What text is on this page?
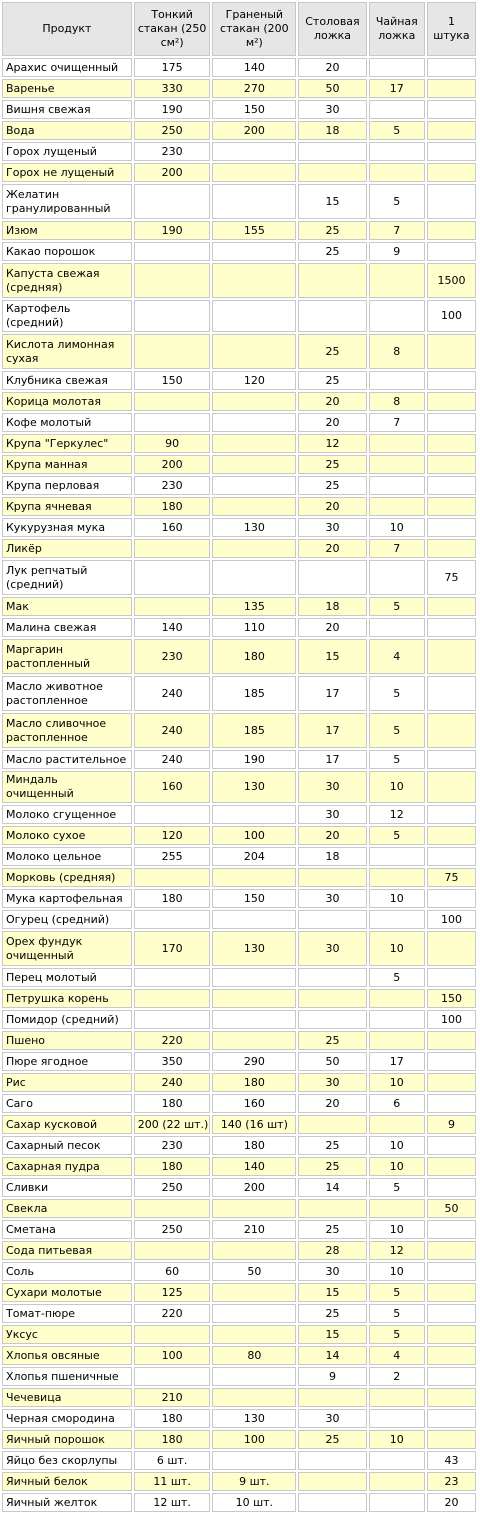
Продукт	Тонкий стакан (250 см²)	Граненый стакан (200 м²)	Столовая ложка	Чайная ложка	1 штука
Арахис очищенный	175	140	20		
Варенье	330	270	50	17	
Вишня свежая	190	150	30		
Вода	250	200	18	5	
Горох лущеный	230				
Горох не лущеный	200				
Желатин гранулированный			15	5	
Изюм	190	155	25	7	
Какао порошок			25	9	
Капуста свежая (средняя)					1500
Картофель (средний)					100
Кислота лимонная сухая			25	8	
Клубника свежая	150	120	25		
Корица молотая			20	8	
Кофе молотый			20	7	
Крупа "Геркулес"	90		12		
Крупа манная	200		25		
Крупа перловая	230		25		
Крупа ячневая	180		20		
Кукурузная мука	160	130	30	10	
Ликёр			20	7	
Лук репчатый (средний)					75
Мак		135	18	5	
Малина свежая	140	110	20		
Маргарин растопленный	230	180	15	4	
Масло животное растопленное	240	185	17	5	
Масло сливочное растопленное	240	185	17	5	
Масло растительное	240	190	17	5	
Миндаль очищенный	160	130	30	10	
Молоко сгущенное			30	12	
Молоко сухое	120	100	20	5	
Молоко цельное	255	204	18		
Морковь (средняя)					75
Мука картофельная	180	150	30	10	
Огурец (средний)					100
Орех фундук очищенный	170	130	30	10	
Перец молотый				5	
Петрушка корень					150
Помидор (средний)					100
Пшено	220		25		
Пюре ягодное	350	290	50	17	
Рис	240	180	30	10	
Саго	180	160	20	6	
Сахар кусковой	200 (22 шт.)	140 (16 шт)			9
Сахарный песок	230	180	25	10	
Сахарная пудра	180	140	25	10	
Сливки	250	200	14	5	
Свекла					50
Сметана	250	210	25	10	
Сода питьевая			28	12	
Соль	60	50	30	10	
Сухари молотые	125		15	5	
Томат-пюре	220		25	5	
Уксус			15	5	
Хлопья овсяные	100	80	14	4	
Хлопья пшеничные			9	2	
Чечевица	210				
Черная смородина	180	130	30		
Яичный порошок	180	100	25	10	
Яйцо без скорлупы	6 шт.				43
Яичный белок	11 шт.	9 шт.			23
Яичный желток	12 шт.	10 шт.			20
